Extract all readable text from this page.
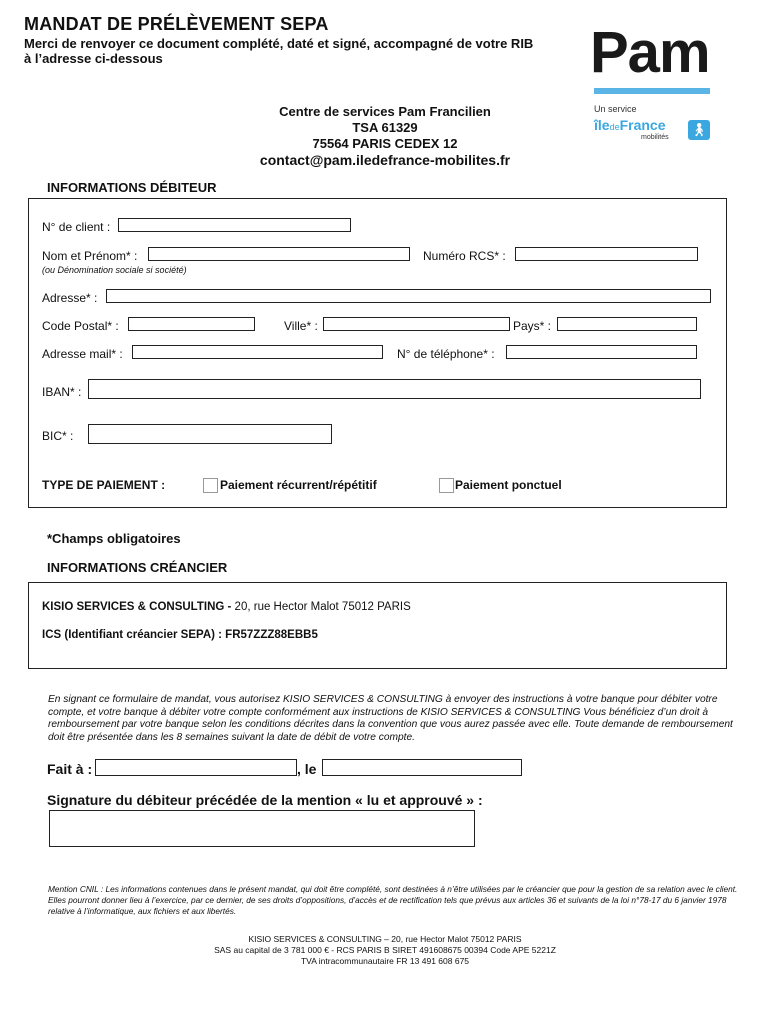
MANDAT DE PRÉLÈVEMENT SEPA
Merci de renvoyer ce document complété, daté et signé, accompagné de votre RIB à l’adresse ci-dessous	Pam
Un service
îledeFrance
mobilités
🚶︎
Centre de services Pam Francilien
TSA 61329
75564 PARIS CEDEX 12
contact@pam.iledefrance-mobilites.fr
INFORMATIONS DÉBITEUR
N° de client :
Nom et Prénom* :
(ou Dénomination sociale si société)
Numéro RCS* :
Adresse* :
Code Postal* :	Ville* :	Pays* :
Adresse mail* :	N° de téléphone* :
IBAN* :
BIC* :
TYPE DE PAIEMENT :	Paiement récurrent/répétitif	Paiement ponctuel
*Champs obligatoires
INFORMATIONS CRÉANCIER
KISIO SERVICES & CONSULTING - 20, rue Hector Malot 75012 PARIS
ICS (Identifiant créancier SEPA) : FR57ZZZ88EBB5
En signant ce formulaire de mandat, vous autorisez KISIO SERVICES & CONSULTING à envoyer des instructions à votre banque pour débiter votre compte, et votre banque à débiter votre compte conformément aux instructions de KISIO SERVICES & CONSULTING Vous bénéficiez d’un droit à remboursement par votre banque selon les conditions décrites dans la convention que vous aurez passée avec elle. Toute demande de remboursement doit être présentée dans les 8 semaines suivant la date de débit de votre compte.
Fait à :	, le
Signature du débiteur précédée de la mention « lu et approuvé » :
Mention CNIL : Les informations contenues dans le présent mandat, qui doit être complété, sont destinées à n’être utilisées par le créancier que pour la gestion de sa relation avec le client. Elles pourront donner lieu à l’exercice, par ce dernier, de ses droits d’oppositions, d’accès et de rectification tels que prévus aux articles 36 et suivants de la loi n°78-17 du 6 janvier 1978 relative à l’informatique, aux fichiers et aux libertés.
KISIO SERVICES & CONSULTING – 20, rue Hector Malot 75012 PARIS
SAS au capital de 3 781 000 € - RCS PARIS B SIRET 491608675 00394 Code APE 5221Z
TVA intracommunautaire FR 13 491 608 675
